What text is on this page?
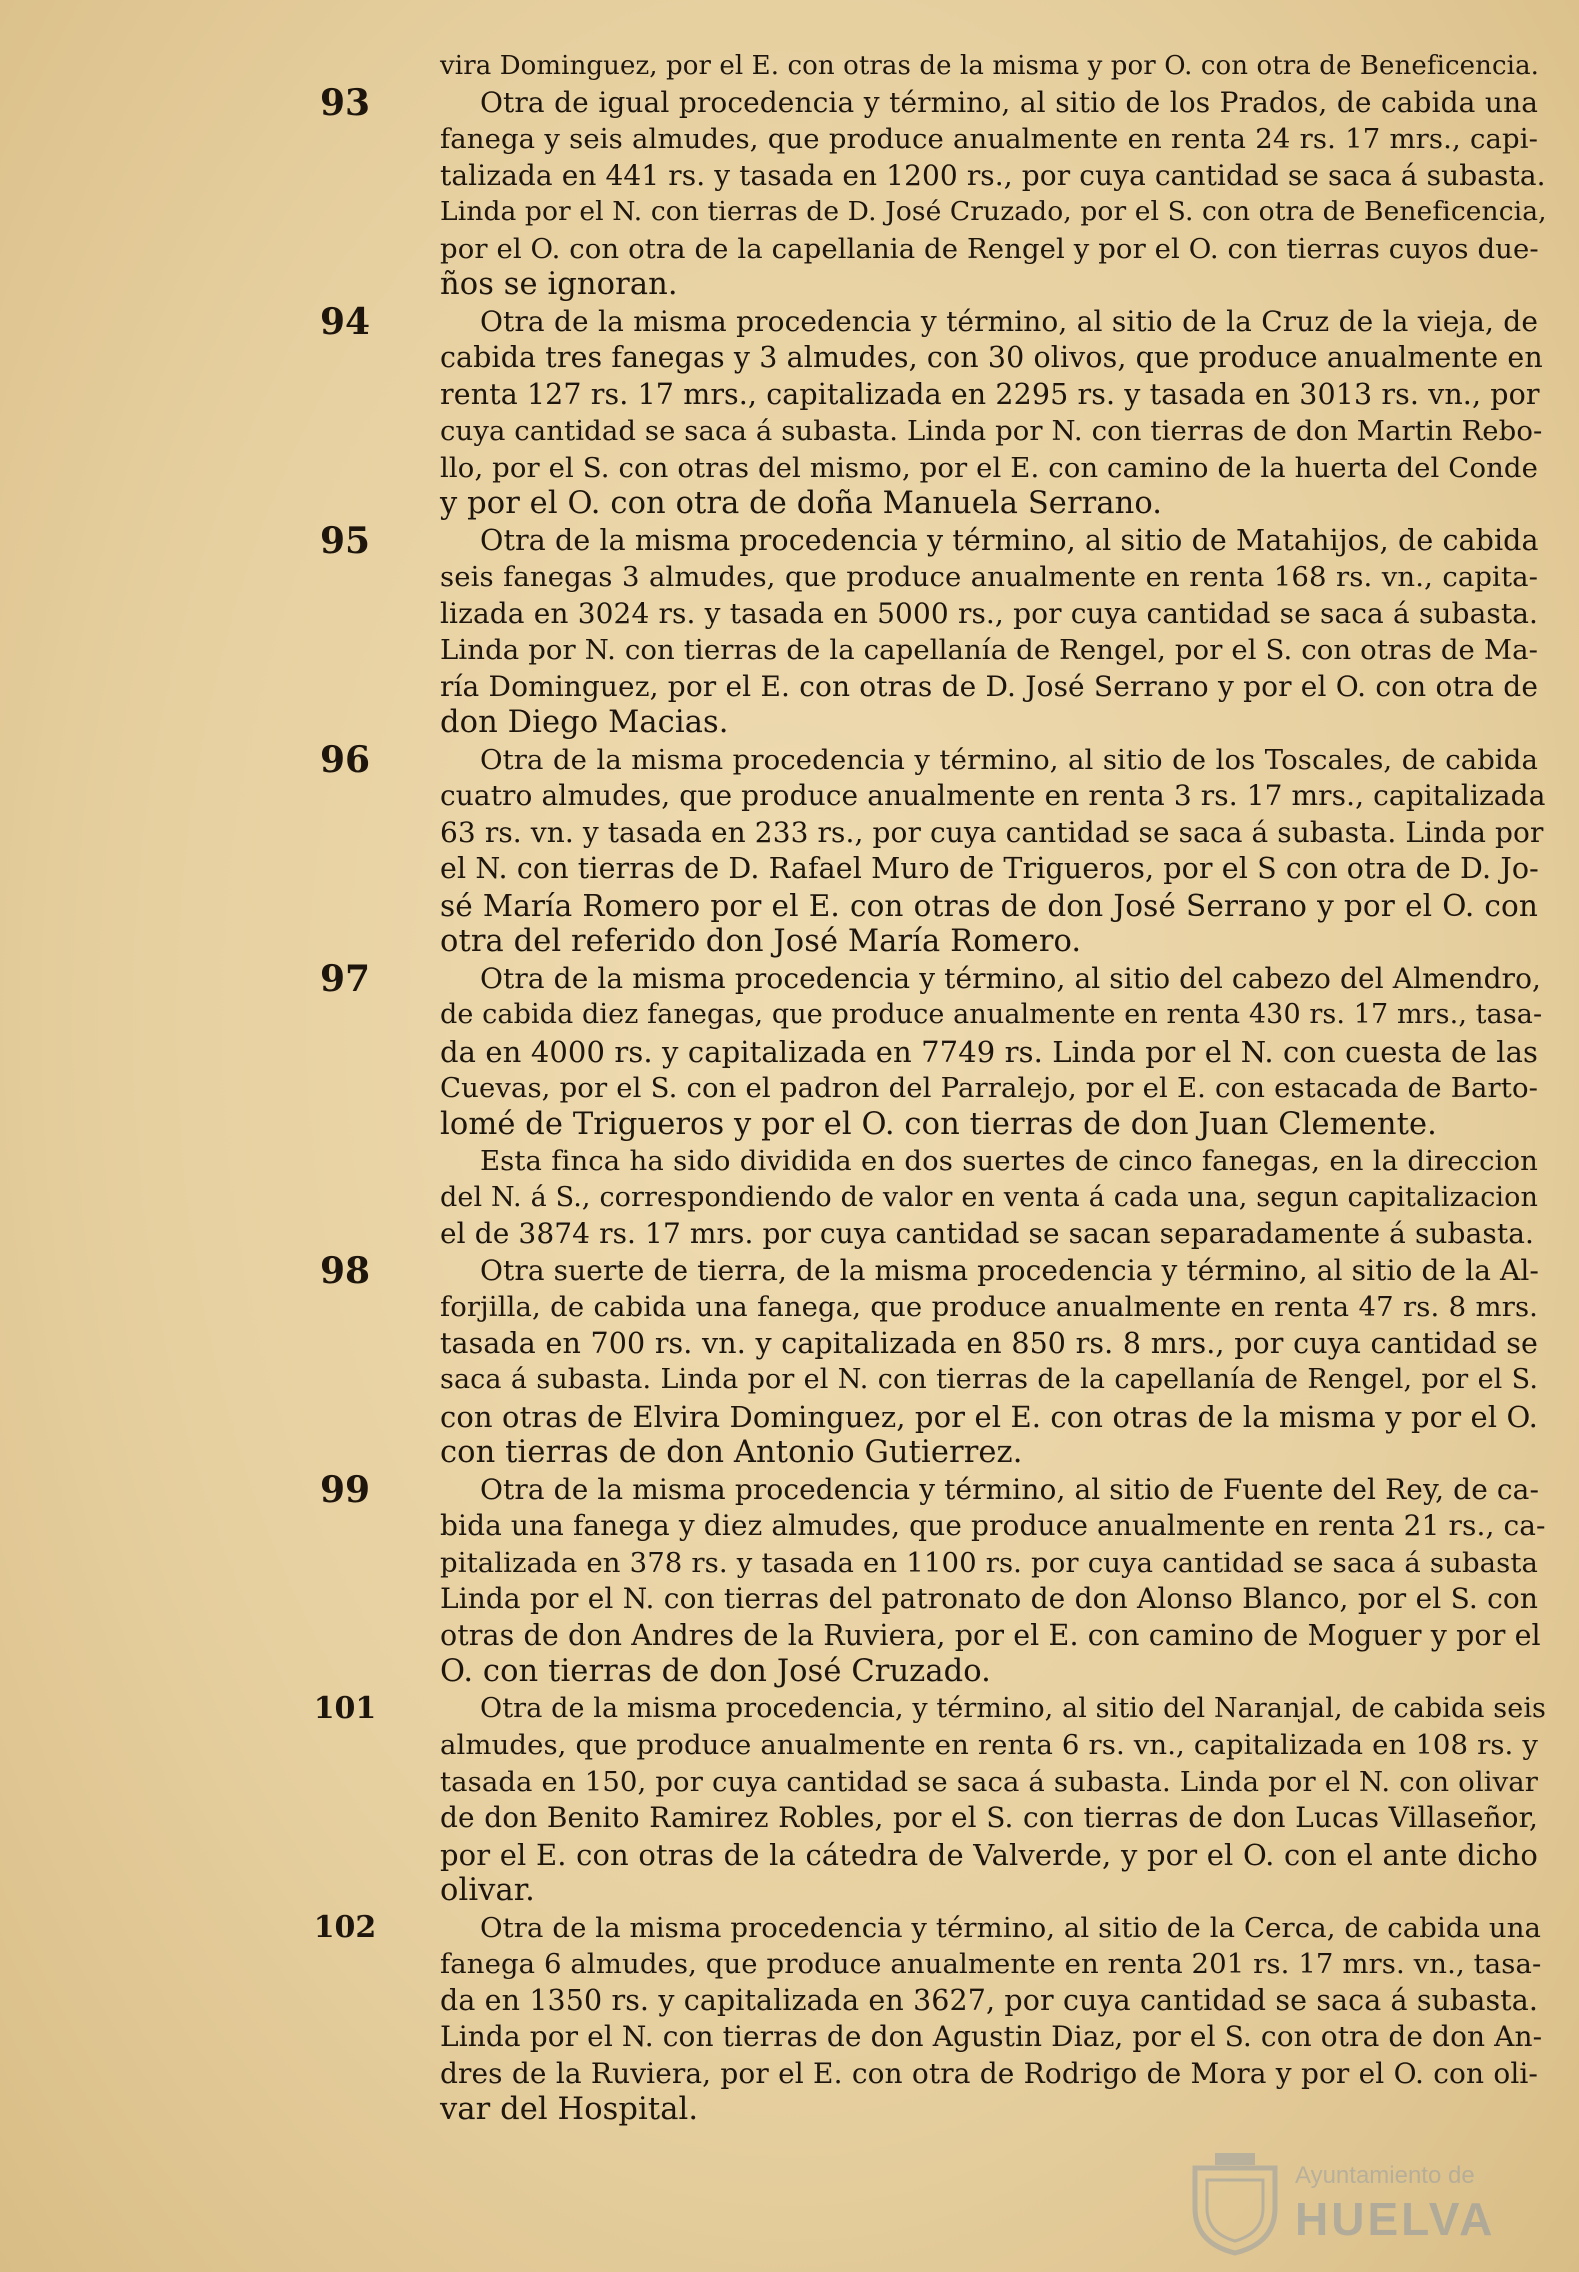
vira Dominguez, por el E. con otras de la misma y por O. con otra de Beneficencia.
93	Otra de igual procedencia y término, al sitio de los Prados, de cabida una
fanega y seis almudes, que produce anualmente en renta 24 rs. 17 mrs., capi-
talizada en 441 rs. y tasada en 1200 rs., por cuya cantidad se saca á subasta.
Linda por el N. con tierras de D. José Cruzado, por el S. con otra de Beneficencia,
por el O. con otra de la capellania de Rengel y por el O. con tierras cuyos due-
ños se ignoran.
94	Otra de la misma procedencia y término, al sitio de la Cruz de la vieja, de
cabida tres fanegas y 3 almudes, con 30 olivos, que produce anualmente en
renta 127 rs. 17 mrs., capitalizada en 2295 rs. y tasada en 3013 rs. vn., por
cuya cantidad se saca á subasta. Linda por N. con tierras de don Martin Rebo-
llo, por el S. con otras del mismo, por el E. con camino de la huerta del Conde
y por el O. con otra de doña Manuela Serrano.
95	Otra de la misma procedencia y término, al sitio de Matahijos, de cabida
seis fanegas 3 almudes, que produce anualmente en renta 168 rs. vn., capita-
lizada en 3024 rs. y tasada en 5000 rs., por cuya cantidad se saca á subasta.
Linda por N. con tierras de la capellanía de Rengel, por el S. con otras de Ma-
ría Dominguez, por el E. con otras de D. José Serrano y por el O. con otra de
don Diego Macias.
96	Otra de la misma procedencia y término, al sitio de los Toscales, de cabida
cuatro almudes, que produce anualmente en renta 3 rs. 17 mrs., capitalizada
63 rs. vn. y tasada en 233 rs., por cuya cantidad se saca á subasta. Linda por
el N. con tierras de D. Rafael Muro de Trigueros, por el S con otra de D. Jo-
sé María Romero por el E. con otras de don José Serrano y por el O. con
otra del referido don José María Romero.
97	Otra de la misma procedencia y término, al sitio del cabezo del Almendro,
de cabida diez fanegas, que produce anualmente en renta 430 rs. 17 mrs., tasa-
da en 4000 rs. y capitalizada en 7749 rs. Linda por el N. con cuesta de las
Cuevas, por el S. con el padron del Parralejo, por el E. con estacada de Barto-
lomé de Trigueros y por el O. con tierras de don Juan Clemente.
Esta finca ha sido dividida en dos suertes de cinco fanegas, en la direccion
del N. á S., correspondiendo de valor en venta á cada una, segun capitalizacion
el de 3874 rs. 17 mrs. por cuya cantidad se sacan separadamente á subasta.
98	Otra suerte de tierra, de la misma procedencia y término, al sitio de la Al-
forjilla, de cabida una fanega, que produce anualmente en renta 47 rs. 8 mrs.
tasada en 700 rs. vn. y capitalizada en 850 rs. 8 mrs., por cuya cantidad se
saca á subasta. Linda por el N. con tierras de la capellanía de Rengel, por el S.
con otras de Elvira Dominguez, por el E. con otras de la misma y por el O.
con tierras de don Antonio Gutierrez.
99	Otra de la misma procedencia y término, al sitio de Fuente del Rey, de ca-
bida una fanega y diez almudes, que produce anualmente en renta 21 rs., ca-
pitalizada en 378 rs. y tasada en 1100 rs. por cuya cantidad se saca á subasta
Linda por el N. con tierras del patronato de don Alonso Blanco, por el S. con
otras de don Andres de la Ruviera, por el E. con camino de Moguer y por el
O. con tierras de don José Cruzado.
101	Otra de la misma procedencia, y término, al sitio del Naranjal, de cabida seis
almudes, que produce anualmente en renta 6 rs. vn., capitalizada en 108 rs. y
tasada en 150, por cuya cantidad se saca á subasta. Linda por el N. con olivar
de don Benito Ramirez Robles, por el S. con tierras de don Lucas Villaseñor,
por el E. con otras de la cátedra de Valverde, y por el O. con el ante dicho
olivar.
102	Otra de la misma procedencia y término, al sitio de la Cerca, de cabida una
fanega 6 almudes, que produce anualmente en renta 201 rs. 17 mrs. vn., tasa-
da en 1350 rs. y capitalizada en 3627, por cuya cantidad se saca á subasta.
Linda por el N. con tierras de don Agustin Diaz, por el S. con otra de don An-
dres de la Ruviera, por el E. con otra de Rodrigo de Mora y por el O. con oli-
var del Hospital.
Ayuntamiento de
HUELVA
